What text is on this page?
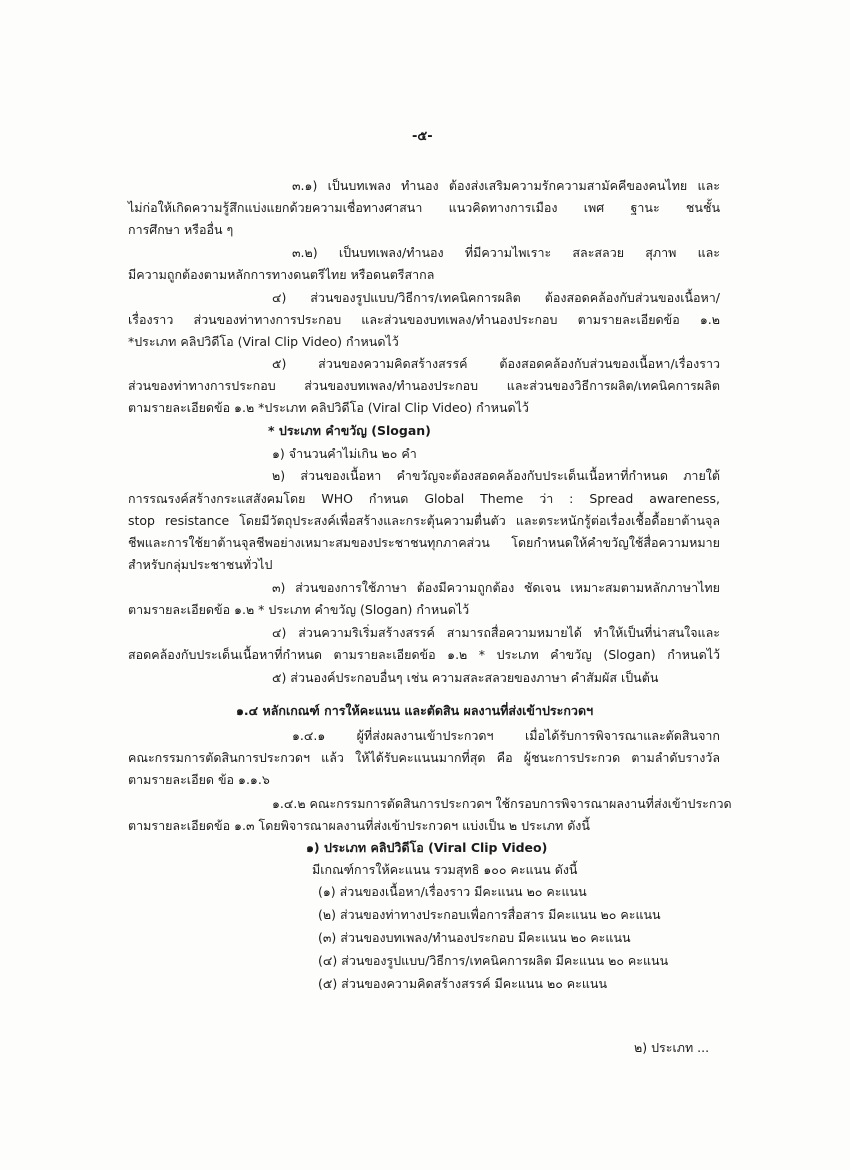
-๕-
๓.๑) เป็นบทเพลง ทำนอง ต้องส่งเสริมความรักความสามัคคีของคนไทย และ
ไม่ก่อให้เกิดความรู้สึกแบ่งแยกด้วยความเชื่อทางศาสนา แนวคิดทางการเมือง เพศ ฐานะ ชนชั้น
การศึกษา หรืออื่น ๆ
๓.๒) เป็นบทเพลง/ทำนอง ที่มีความไพเราะ สละสลวย สุภาพ และ
มีความถูกต้องตามหลักการทางดนตรีไทย หรือดนตรีสากล
๔) ส่วนของรูปแบบ/วิธีการ/เทคนิคการผลิต ต้องสอดคล้องกับส่วนของเนื้อหา/
เรื่องราว ส่วนของท่าทางการประกอบ และส่วนของบทเพลง/ทำนองประกอบ ตามรายละเอียดข้อ ๑.๒
*ประเภท คลิปวิดีโอ (Viral Clip Video) กำหนดไว้
๕) ส่วนของความคิดสร้างสรรค์ ต้องสอดคล้องกับส่วนของเนื้อหา/เรื่องราว
ส่วนของท่าทางการประกอบ ส่วนของบทเพลง/ทำนองประกอบ และส่วนของวิธีการผลิต/เทคนิคการผลิต
ตามรายละเอียดข้อ ๑.๒ *ประเภท คลิปวิดีโอ (Viral Clip Video) กำหนดไว้
* ประเภท คำขวัญ (Slogan)
๑) จำนวนคำไม่เกิน ๒๐ คำ
๒) ส่วนของเนื้อหา คำขวัญจะต้องสอดคล้องกับประเด็นเนื้อหาที่กำหนด ภายใต้
การรณรงค์สร้างกระแสสังคมโดย WHO กำหนด Global Theme ว่า : Spread awareness,
stop resistance โดยมีวัตถุประสงค์เพื่อสร้างและกระตุ้นความตื่นตัว และตระหนักรู้ต่อเรื่องเชื้อดื้อยาต้านจุล
ชีพและการใช้ยาต้านจุลชีพอย่างเหมาะสมของประชาชนทุกภาคส่วน โดยกำหนดให้คำขวัญใช้สื่อความหมาย
สำหรับกลุ่มประชาชนทั่วไป
๓) ส่วนของการใช้ภาษา ต้องมีความถูกต้อง ชัดเจน เหมาะสมตามหลักภาษาไทย
ตามรายละเอียดข้อ ๑.๒ * ประเภท คำขวัญ (Slogan) กำหนดไว้
๔) ส่วนความริเริ่มสร้างสรรค์ สามารถสื่อความหมายได้ ทำให้เป็นที่น่าสนใจและ
สอดคล้องกับประเด็นเนื้อหาที่กำหนด ตามรายละเอียดข้อ ๑.๒ * ประเภท คำขวัญ (Slogan) กำหนดไว้
๕) ส่วนองค์ประกอบอื่นๆ เช่น ความสละสลวยของภาษา คำสัมผัส เป็นต้น
๑.๔ หลักเกณฑ์ การให้คะแนน และตัดสิน ผลงานที่ส่งเข้าประกวดฯ
๑.๔.๑ ผู้ที่ส่งผลงานเข้าประกวดฯ เมื่อได้รับการพิจารณาและตัดสินจาก
คณะกรรมการตัดสินการประกวดฯ แล้ว ให้ได้รับคะแนนมากที่สุด คือ ผู้ชนะการประกวด ตามลำดับรางวัล
ตามรายละเอียด ข้อ ๑.๑.๖
๑.๔.๒ คณะกรรมการตัดสินการประกวดฯ ใช้กรอบการพิจารณาผลงานที่ส่งเข้าประกวด
ตามรายละเอียดข้อ ๑.๓ โดยพิจารณาผลงานที่ส่งเข้าประกวดฯ แบ่งเป็น ๒ ประเภท ดังนี้
๑) ประเภท คลิปวิดีโอ (Viral Clip Video)
มีเกณฑ์การให้คะแนน รวมสุทธิ ๑๐๐ คะแนน ดังนี้
(๑) ส่วนของเนื้อหา/เรื่องราว มีคะแนน ๒๐ คะแนน
(๒) ส่วนของท่าทางประกอบเพื่อการสื่อสาร มีคะแนน ๒๐ คะแนน
(๓) ส่วนของบทเพลง/ทำนองประกอบ มีคะแนน ๒๐ คะแนน
(๔) ส่วนของรูปแบบ/วิธีการ/เทคนิคการผลิต มีคะแนน ๒๐ คะแนน
(๕) ส่วนของความคิดสร้างสรรค์ มีคะแนน ๒๐ คะแนน
๒) ประเภท ...
